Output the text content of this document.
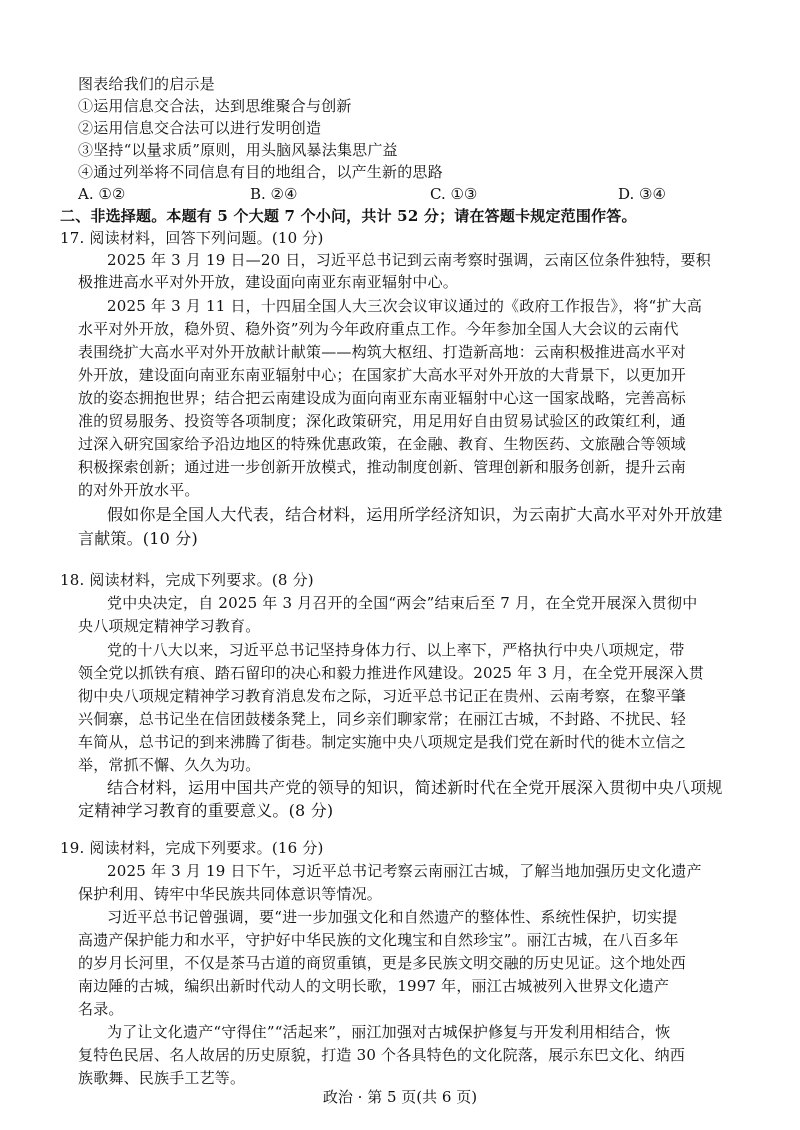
图表给我们的启示是
①运用信息交合法，达到思维聚合与创新
②运用信息交合法可以进行发明创造
③坚持“以量求质”原则，用头脑风暴法集思广益
④通过列举将不同信息有目的地组合，以产生新的思路
A. ①②	B. ②④	C. ①③	D. ③④
二、非选择题。本题有 5 个大题 7 个小问，共计 52 分；请在答题卡规定范围作答。
17. 阅读材料，回答下列问题。(10 分)
2025 年 3 月 19 日—20 日，习近平总书记到云南考察时强调，云南区位条件独特，要积
极推进高水平对外开放，建设面向南亚东南亚辐射中心。
2025 年 3 月 11 日，十四届全国人大三次会议审议通过的《政府工作报告》，将“扩大高
水平对外开放，稳外贸、稳外资”列为今年政府重点工作。今年参加全国人大会议的云南代
表围绕扩大高水平对外开放献计献策——构筑大枢纽、打造新高地：云南积极推进高水平对
外开放，建设面向南亚东南亚辐射中心；在国家扩大高水平对外开放的大背景下，以更加开
放的姿态拥抱世界；结合把云南建设成为面向南亚东南亚辐射中心这一国家战略，完善高标
准的贸易服务、投资等各项制度；深化政策研究，用足用好自由贸易试验区的政策红利，通
过深入研究国家给予沿边地区的特殊优惠政策，在金融、教育、生物医药、文旅融合等领域
积极探索创新；通过进一步创新开放模式，推动制度创新、管理创新和服务创新，提升云南
的对外开放水平。
假如你是全国人大代表，结合材料，运用所学经济知识，为云南扩大高水平对外开放建
言献策。(10 分)
18. 阅读材料，完成下列要求。(8 分)
党中央决定，自 2025 年 3 月召开的全国“两会”结束后至 7 月，在全党开展深入贯彻中
央八项规定精神学习教育。
党的十八大以来，习近平总书记坚持身体力行、以上率下，严格执行中央八项规定，带
领全党以抓铁有痕、踏石留印的决心和毅力推进作风建设。2025 年 3 月，在全党开展深入贯
彻中央八项规定精神学习教育消息发布之际，习近平总书记正在贵州、云南考察，在黎平肇
兴侗寨，总书记坐在信团鼓楼条凳上，同乡亲们聊家常；在丽江古城，不封路、不扰民、轻
车简从，总书记的到来沸腾了街巷。制定实施中央八项规定是我们党在新时代的徙木立信之
举，常抓不懈、久久为功。
结合材料，运用中国共产党的领导的知识，简述新时代在全党开展深入贯彻中央八项规
定精神学习教育的重要意义。(8 分)
19. 阅读材料，完成下列要求。(16 分)
2025 年 3 月 19 日下午，习近平总书记考察云南丽江古城，了解当地加强历史文化遗产
保护利用、铸牢中华民族共同体意识等情况。
习近平总书记曾强调，要“进一步加强文化和自然遗产的整体性、系统性保护，切实提
高遗产保护能力和水平，守护好中华民族的文化瑰宝和自然珍宝”。丽江古城，在八百多年
的岁月长河里，不仅是茶马古道的商贸重镇，更是多民族文明交融的历史见证。这个地处西
南边陲的古城，编织出新时代动人的文明长歌，1997 年，丽江古城被列入世界文化遗产
名录。
为了让文化遗产“守得住”“活起来”，丽江加强对古城保护修复与开发利用相结合，恢
复特色民居、名人故居的历史原貌，打造 30 个各具特色的文化院落，展示东巴文化、纳西
族歌舞、民族手工艺等。
政治 · 第 5 页(共 6 页)
